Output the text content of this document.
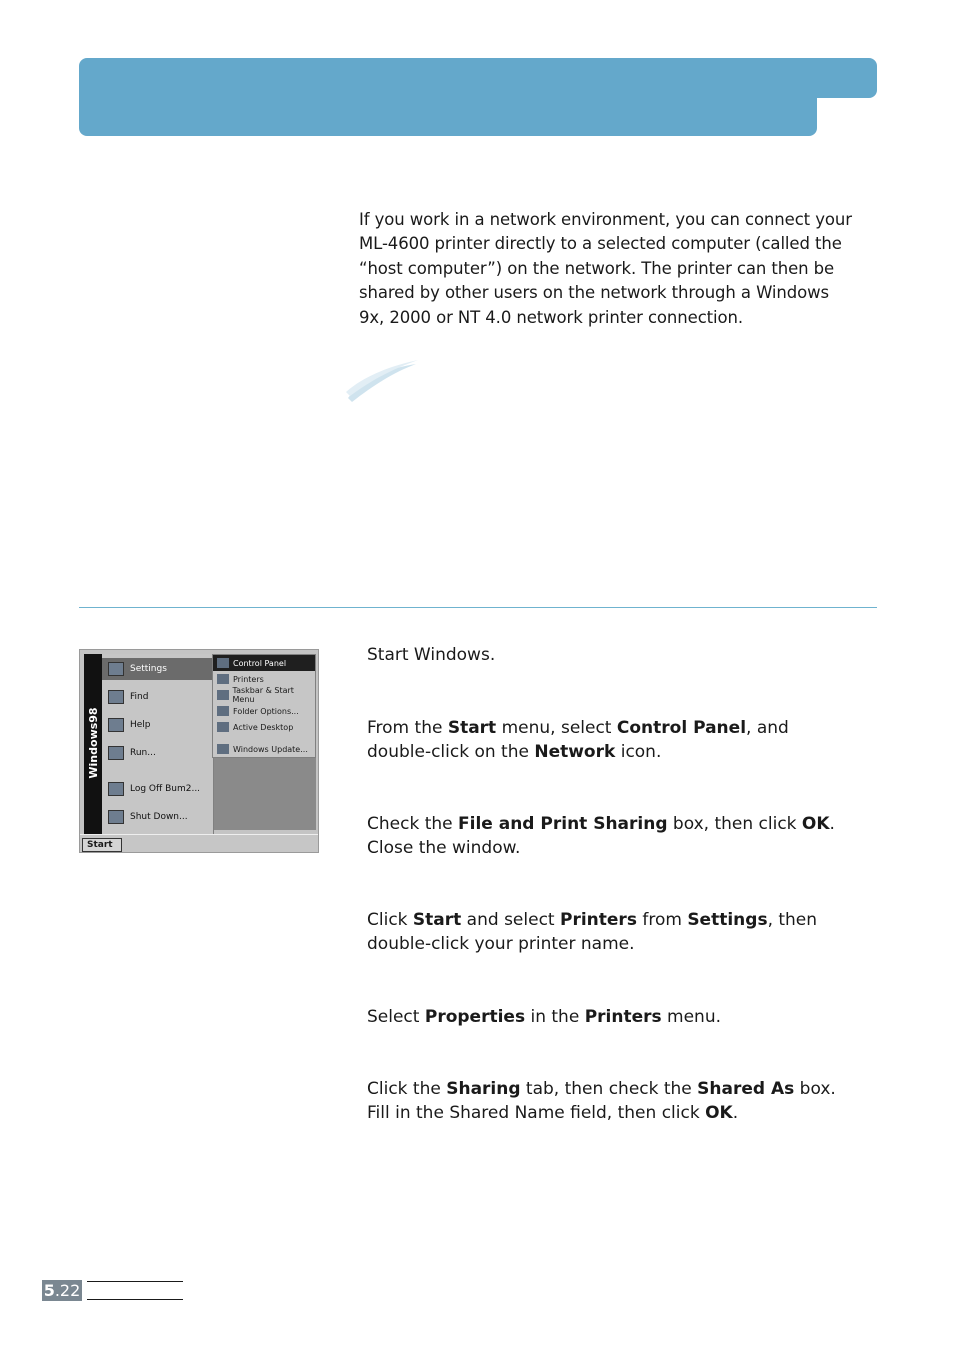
If you work in a network environment, you can connect your

ML-4600 printer directly to a selected computer (called the

“host computer”) on the network. The printer can then be

shared by other users on the network through a Windows

9x, 2000 or NT 4.0 network printer connection.

Windows98
Settings
Find
Help
Run...
Log Off Bum2...
Shut Down...
Control Panel
Printers
Taskbar & Start Menu
Folder Options...
Active Desktop
Windows Update...
Start
Start Windows.
From the Start menu, select Control Panel, and
double-click on the Network icon.
Check the File and Print Sharing box, then click OK.
Close the window.
Click Start and select Printers from Settings, then
double-click your printer name.
Select Properties in the Printers menu.
Click the Sharing tab, then check the Shared As box.
Fill in the Shared Name field, then click OK.
5.22
